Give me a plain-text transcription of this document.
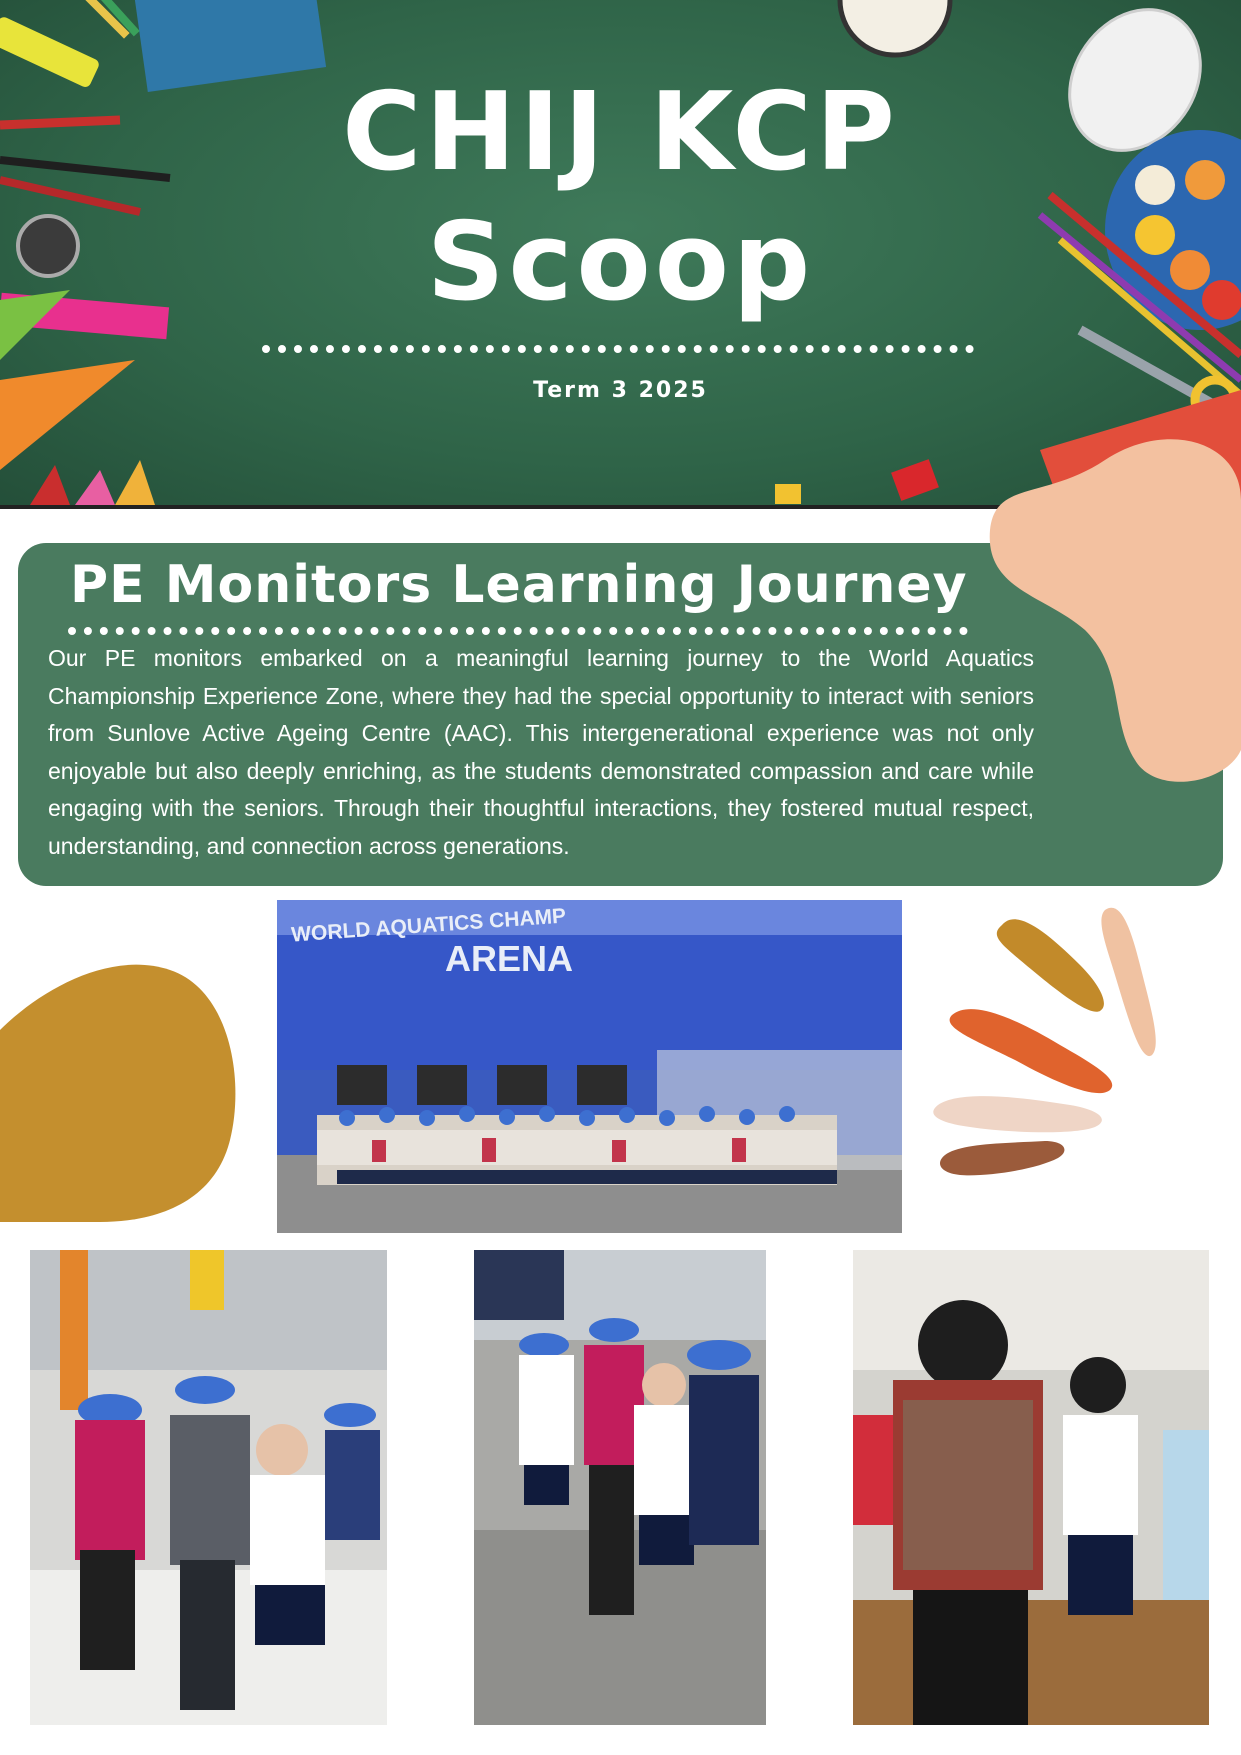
CHIJ KCP
Scoop
Term 3 2025
PE Monitors Learning Journey

Our PE monitors embarked on a meaningful learning journey to the World Aquatics Championship Experience Zone, where they had the special opportunity to interact with seniors from Sunlove Active Ageing Centre (AAC). This intergenerational experience was not only enjoyable but also deeply enriching, as the students demonstrated compassion and care while engaging with the seniors. Through their thoughtful interactions, they fostered mutual respect, understanding, and connection across generations.

WORLD AQUATICS CHAMP
ARENA
